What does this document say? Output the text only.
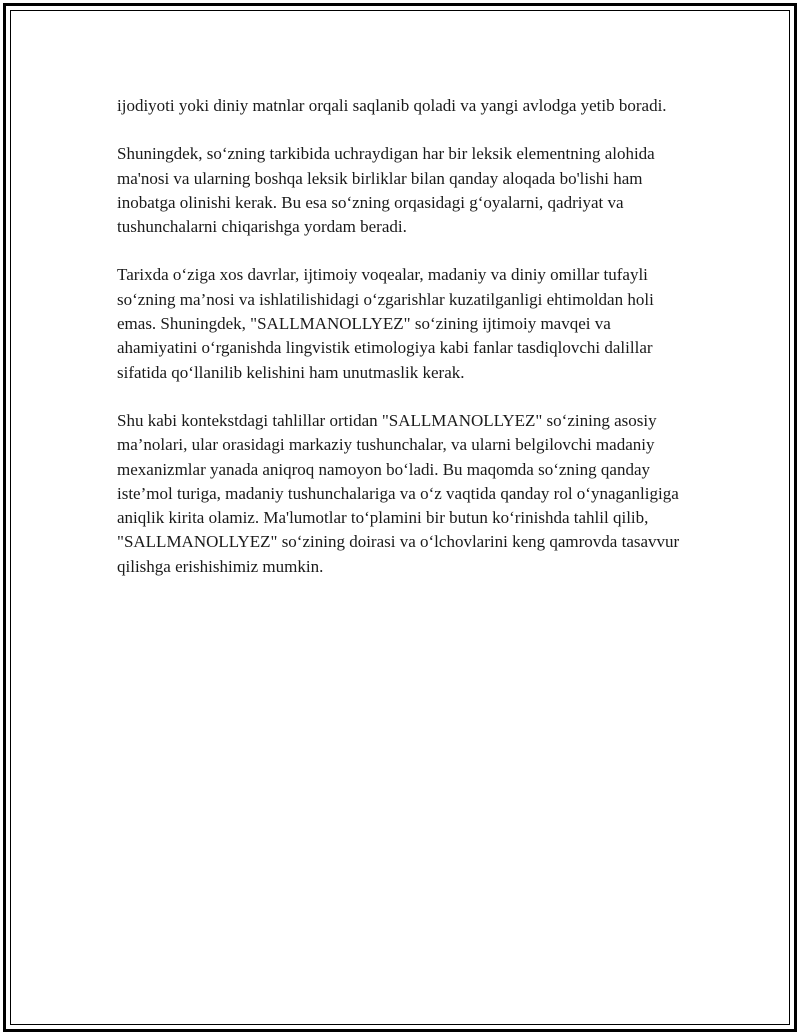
ijodiyoti yoki diniy matnlar orqali saqlanib qoladi va yangi avlodga yetib boradi.

Shuningdek, so‘zning tarkibida uchraydigan har bir leksik elementning alohida ma'nosi va ularning boshqa leksik birliklar bilan qanday aloqada bo'lishi ham inobatga olinishi kerak. Bu esa so‘zning orqasidagi g‘oyalarni, qadriyat va tushunchalarni chiqarishga yordam beradi.

Tarixda o‘ziga xos davrlar, ijtimoiy voqealar, madaniy va diniy omillar tufayli so‘zning ma’nosi va ishlatilishidagi o‘zgarishlar kuzatilganligi ehtimoldan holi emas. Shuningdek, "SALLMANOLLYEZ" so‘zining ijtimoiy mavqei va ahamiyatini o‘rganishda lingvistik etimologiya kabi fanlar tasdiqlovchi dalillar sifatida qo‘llanilib kelishini ham unutmaslik kerak.

Shu kabi kontekstdagi tahlillar ortidan "SALLMANOLLYEZ" so‘zining asosiy ma’nolari, ular orasidagi markaziy tushunchalar, va ularni belgilovchi madaniy mexanizmlar yanada aniqroq namoyon bo‘ladi. Bu maqomda so‘zning qanday iste’mol turiga, madaniy tushunchalariga va o‘z vaqtida qanday rol o‘ynaganligiga aniqlik kirita olamiz. Ma'lumotlar to‘plamini bir butun ko‘rinishda tahlil qilib, "SALLMANOLLYEZ" so‘zining doirasi va o‘lchovlarini keng qamrovda tasavvur qilishga erishishimiz mumkin.
